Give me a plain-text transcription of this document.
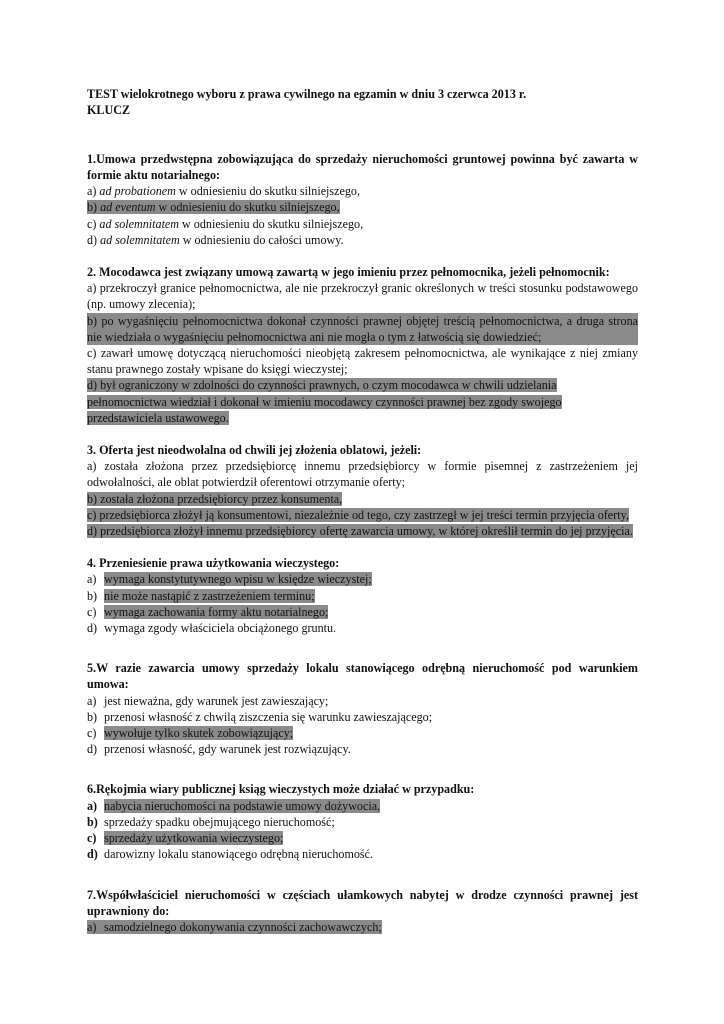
TEST wielokrotnego wyboru z prawa cywilnego na egzamin w dniu 3 czerwca 2013 r.
KLUCZ
1.Umowa przedwstępna zobowiązująca do sprzedaży nieruchomości gruntowej powinna być zawarta w formie aktu notarialnego:
a) ad probationem w odniesieniu do skutku silniejszego,
b) ad eventum w odniesieniu do skutku silniejszego,
c) ad solemnitatem w odniesieniu do skutku silniejszego,
d) ad solemnitatem w odniesieniu do całości umowy.
2. Mocodawca jest związany umową zawartą w jego imieniu przez pełnomocnika, jeżeli pełnomocnik:
a) przekroczył granice pełnomocnictwa, ale nie przekroczył granic określonych w treści stosunku podstawowego (np. umowy zlecenia);
b) po wygaśnięciu pełnomocnictwa dokonał czynności prawnej objętej treścią pełnomocnictwa, a druga strona nie wiedziała o wygaśnięciu pełnomocnictwa ani nie mogła o tym z łatwością się dowiedzieć;
c) zawarł umowę dotyczącą nieruchomości nieobjętą zakresem pełnomocnictwa, ale wynikające z niej zmiany stanu prawnego zostały wpisane do księgi wieczystej;
d) był ograniczony w zdolności do czynności prawnych, o czym mocodawca w chwili udzielania pełnomocnictwa wiedział i dokonał w imieniu mocodawcy czynności prawnej bez zgody swojego przedstawiciela ustawowego.
3. Oferta jest nieodwołalna od chwili jej złożenia oblatowi, jeżeli:
a) została złożona przez przedsiębiorcę innemu przedsiębiorcy w formie pisemnej z zastrzeżeniem jej odwołalności, ale oblat potwierdził oferentowi otrzymanie oferty;
b) została złożona przedsiębiorcy przez konsumenta,
c) przedsiębiorca złożył ją konsumentowi, niezależnie od tego, czy zastrzegł w jej treści termin przyjęcia oferty,
d) przedsiębiorca złożył innemu przedsiębiorcy ofertę zawarcia umowy, w której określił termin do jej przyjęcia.
4. Przeniesienie prawa użytkowania wieczystego:
a) wymaga konstytutywnego wpisu w księdze wieczystej;
b) nie może nastąpić z zastrzeżeniem terminu;
c) wymaga zachowania formy aktu notarialnego;
d) wymaga zgody właściciela obciążonego gruntu.
5.W razie zawarcia umowy sprzedaży lokalu stanowiącego odrębną nieruchomość pod warunkiem umowa:
a) jest nieważna, gdy warunek jest zawieszający;
b) przenosi własność z chwilą ziszczenia się warunku zawieszającego;
c) wywołuje tylko skutek zobowiązujący;
d) przenosi własność, gdy warunek jest rozwiązujący.
6.Rękojmia wiary publicznej ksiąg wieczystych może działać w przypadku:
a) nabycia nieruchomości na podstawie umowy dożywocia,
b) sprzedaży spadku obejmującego nieruchomość;
c) sprzedaży użytkowania wieczystego;
d) darowizny lokalu stanowiącego odrębną nieruchomość.
7.Współwłaściciel nieruchomości w częściach ułamkowych nabytej w drodze czynności prawnej jest uprawniony do:
a) samodzielnego dokonywania czynności zachowawczych;
